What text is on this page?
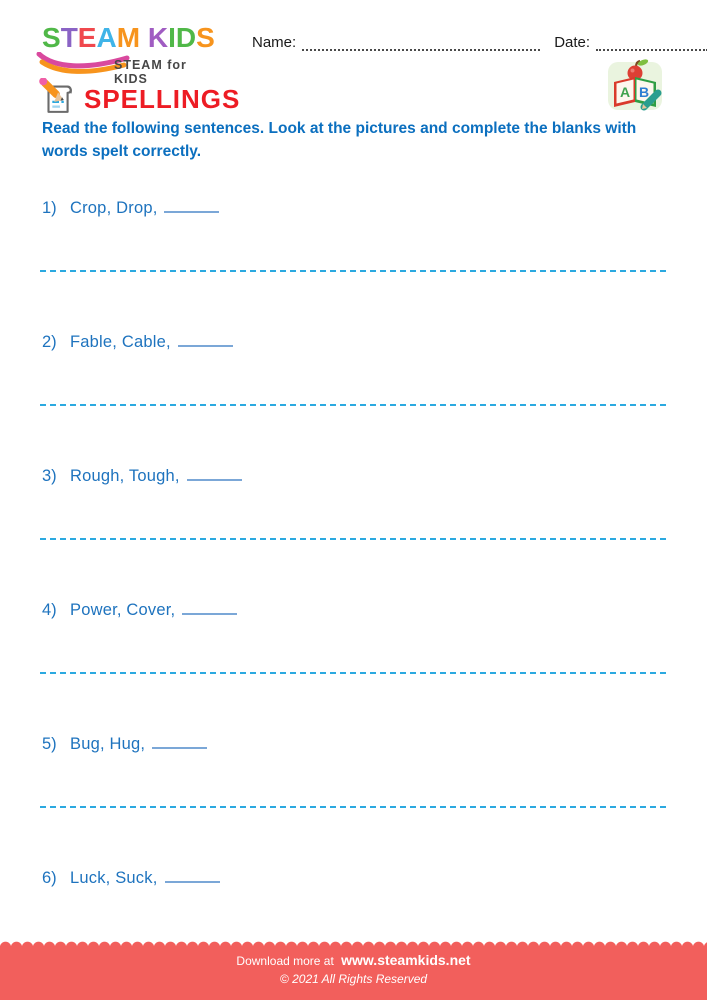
STEAM KIDS
STEAM for KIDS
Name:	Date:
SPELLINGS	A B
Read the following sentences. Look at the pictures and complete the blanks with words spelt correctly.
1) Crop, Drop,
2) Fable, Cable,
3) Rough, Tough,
4) Power, Cover,
5) Bug, Hug,
6) Luck, Suck,
Download more at www.steamkids.net
© 2021 All Rights Reserved
